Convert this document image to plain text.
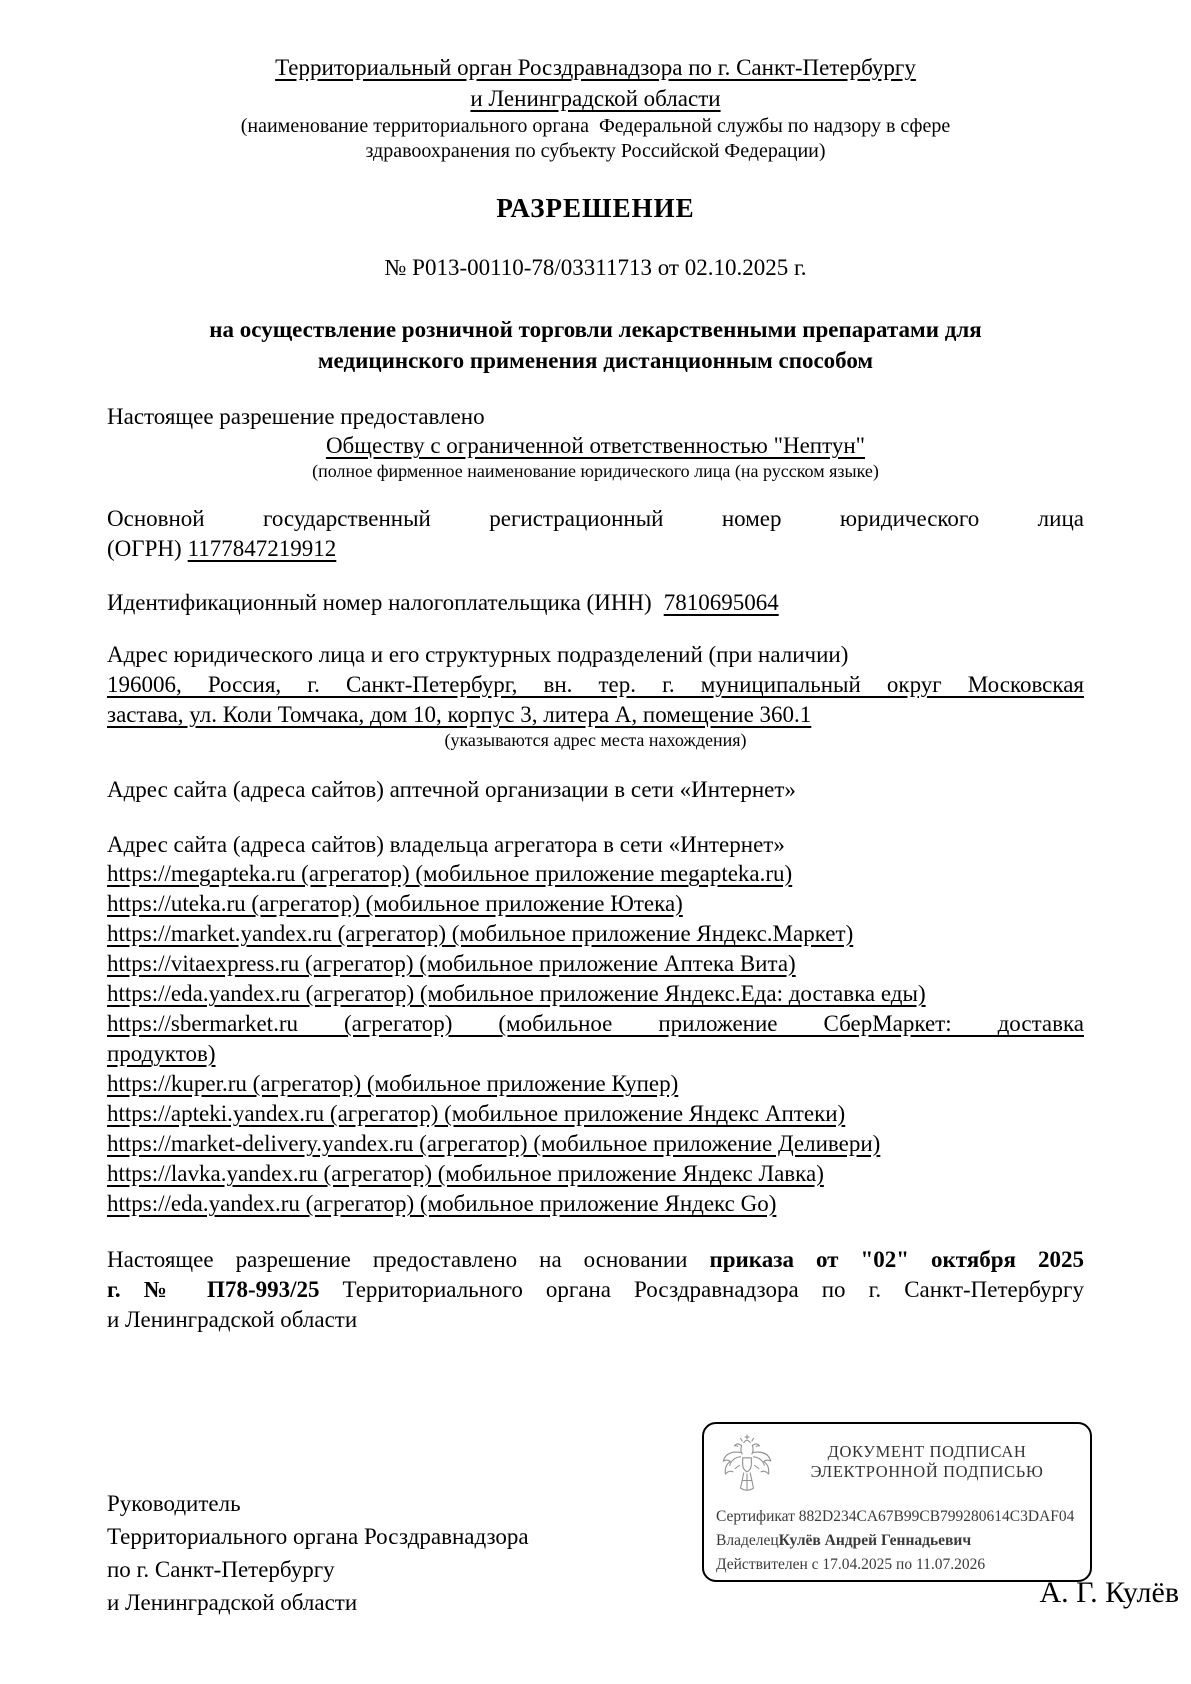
Территориальный орган Росздравнадзора по г. Санкт-Петербургу
и Ленинградской области
(наименование территориального органа  Федеральной службы по надзору в сфере
здравоохранения по субъекту Российской Федерации)
РАЗРЕШЕНИЕ
№ Р013-00110-78/03311713 от 02.10.2025 г.
на осуществление розничной торговли лекарственными препаратами для
медицинского применения дистанционным способом
Настоящее разрешение предоставлено
Обществу с ограниченной ответственностью "Нептун"
(полное фирменное наименование юридического лица (на русском языке)
Основной государственный регистрационный номер юридического лица
(ОГРН) 1177847219912
Идентификационный номер налогоплательщика (ИНН) 7810695064
Адрес юридического лица и его структурных подразделений (при наличии)
196006, Россия, г. Санкт-Петербург, вн. тер. г. муниципальный округ Московская
застава, ул. Коли Томчака, дом 10, корпус 3, литера А, помещение 360.1
(указываются адрес места нахождения)
Адрес сайта (адреса сайтов) аптечной организации в сети «Интернет»
Адрес сайта (адреса сайтов) владельца агрегатора в сети «Интернет»
https://megapteka.ru (агрегатор) (мобильное приложение megapteka.ru)
https://uteka.ru (агрегатор) (мобильное приложение Ютека)
https://market.yandex.ru (агрегатор) (мобильное приложение Яндекс.Маркет)
https://vitaexpress.ru (агрегатор) (мобильное приложение Аптека Вита)
https://eda.yandex.ru (агрегатор) (мобильное приложение Яндекс.Еда: доставка еды)
https://sbermarket.ru (агрегатор) (мобильное приложение СберМаркет: доставка
продуктов)
https://kuper.ru (агрегатор) (мобильное приложение Купер)
https://apteki.yandex.ru (агрегатор) (мобильное приложение Яндекс Аптеки)
https://market-delivery.yandex.ru (агрегатор) (мобильное приложение Деливери)
https://lavka.yandex.ru (агрегатор) (мобильное приложение Яндекс Лавка)
https://eda.yandex.ru (агрегатор) (мобильное приложение Яндекс Go)
Настоящее разрешение предоставлено на основании приказа от "02" октября 2025
г. № П78-993/25 Территориального органа Росздравнадзора по г. Санкт-Петербургу
и Ленинградской области
Руководитель
Территориального органа Росздравнадзора
по г. Санкт-Петербургу
и Ленинградской области
ДОКУМЕНТ ПОДПИСАН
ЭЛЕКТРОННОЙ ПОДПИСЬЮ
Сертификат 882D234CA67B99CB799280614C3DAF04
ВладелецКулёв Андрей Геннадьевич
Действителен с 17.04.2025 по 11.07.2026
А. Г. Кулёв
